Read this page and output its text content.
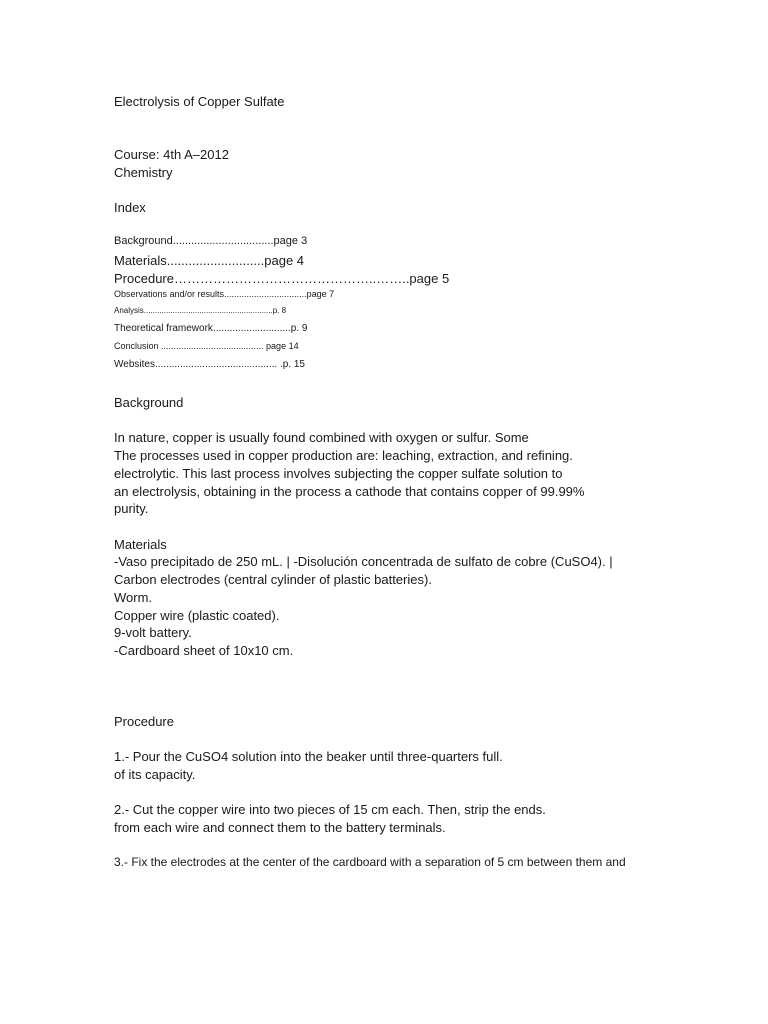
Electrolysis of Copper Sulfate
Course: 4th A–2012
Chemistry
Index
Background.................................page 3
Materials...........................page 4
Procedure………………………………………..……..page 5
Observations and/or results.................................page 7
Analysis..........................................................p. 8
Theoretical framework............................p. 9
Conclusion ......................................... page 14
Websites............................................ .p. 15
Background
In nature, copper is usually found combined with oxygen or sulfur. Some
The processes used in copper production are: leaching, extraction, and refining.
electrolytic. This last process involves subjecting the copper sulfate solution to
an electrolysis, obtaining in the process a cathode that contains copper of 99.99%
purity.
Materials
-Vaso precipitado de 250 mL. | -Disolución concentrada de sulfato de cobre (CuSO4). |
Carbon electrodes (central cylinder of plastic batteries).
Worm.
Copper wire (plastic coated).
9-volt battery.
-Cardboard sheet of 10x10 cm.
Procedure
1.- Pour the CuSO4 solution into the beaker until three-quarters full.
of its capacity.
2.- Cut the copper wire into two pieces of 15 cm each. Then, strip the ends.
from each wire and connect them to the battery terminals.
3.- Fix the electrodes at the center of the cardboard with a separation of 5 cm between them and
